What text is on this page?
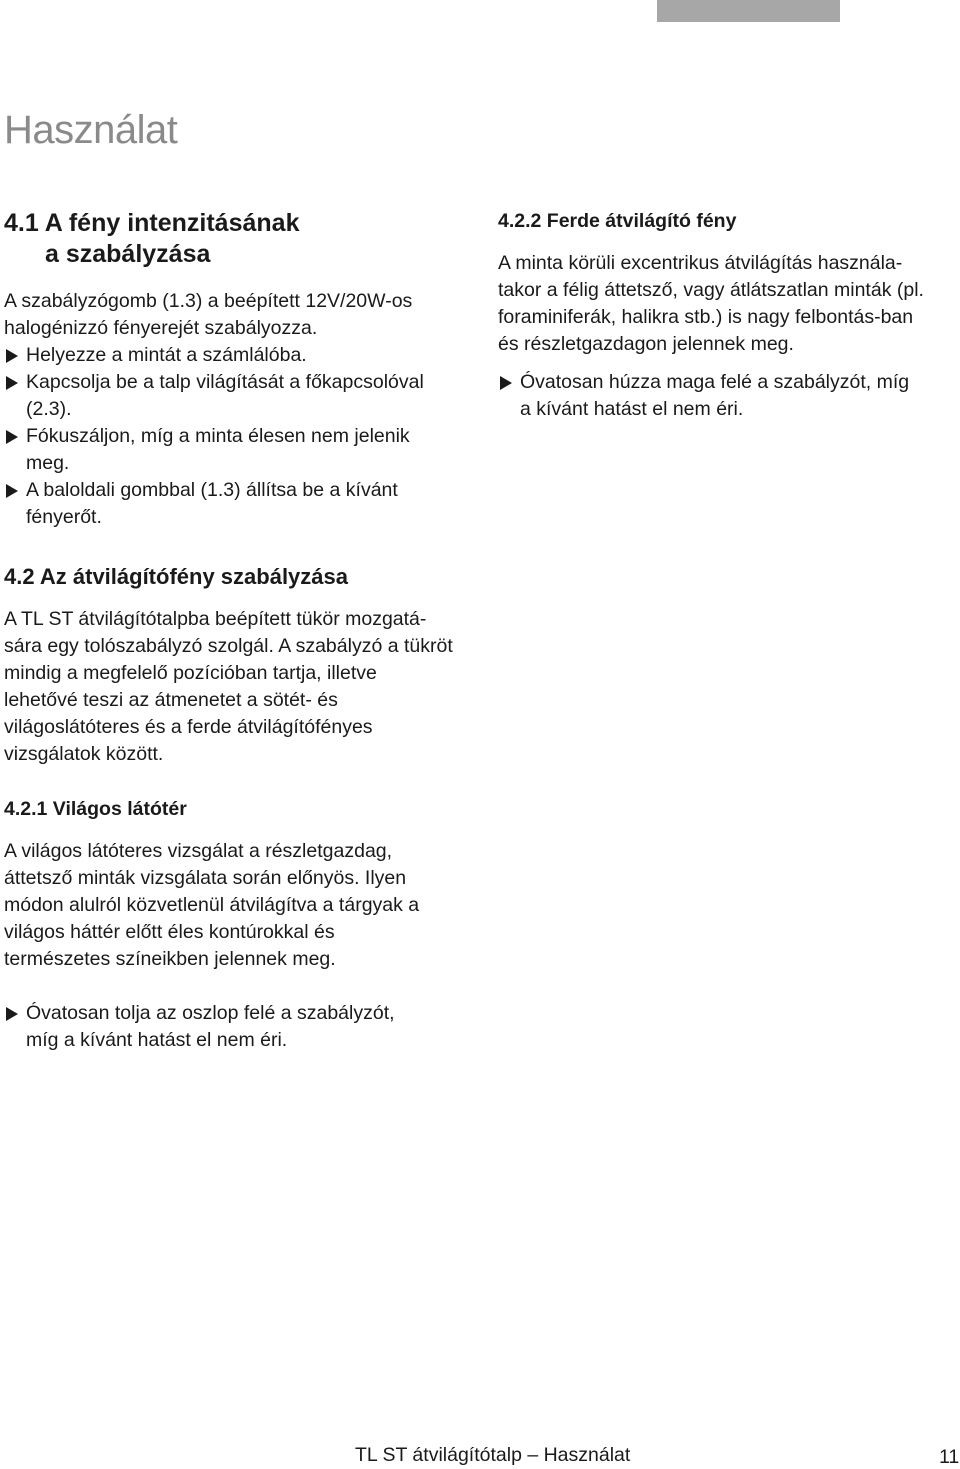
Használat
4.1 A fény intenzitásának
a szabályzása

A szabályzógomb (1.3) a beépített 12V/20W-os
halogénizzó fényerejét szabályozza.

Helyezze a mintát a számlálóba.
Kapcsolja be a talp világítását a főkapcsolóval (2.3).
Fókuszáljon, míg a minta élesen nem jelenik meg.
A baloldali gombbal (1.3) állítsa be a kívánt fényerőt.
4.2 Az átvilágítófény szabályzása

A TL ST átvilágítótalpba beépített tükör mozgatá-sára egy tolószabályzó szolgál. A szabályzó a tükröt mindig a megfelelő pozícióban tartja, illetve lehetővé teszi az átmenetet a sötét- és világoslátóteres és a ferde átvilágítófényes vizsgálatok között.

4.2.1 Világos látótér

A világos látóteres vizsgálat a részletgazdag, áttetsző minták vizsgálata során előnyös. Ilyen módon alulról közvetlenül átvilágítva a tárgyak a világos háttér előtt éles kontúrokkal és természetes színeikben jelennek meg.

Óvatosan tolja az oszlop felé a szabályzót, míg a kívánt hatást el nem éri.
4.2.2 Ferde átvilágító fény

A minta körüli excentrikus átvilágítás használa-takor a félig áttetsző, vagy átlátszatlan minták (pl. foraminiferák, halikra stb.) is nagy felbontás-ban és részletgazdagon jelennek meg.

Óvatosan húzza maga felé a szabályzót, míg a kívánt hatást el nem éri.
TL ST átvilágítótalp – Használat	11
